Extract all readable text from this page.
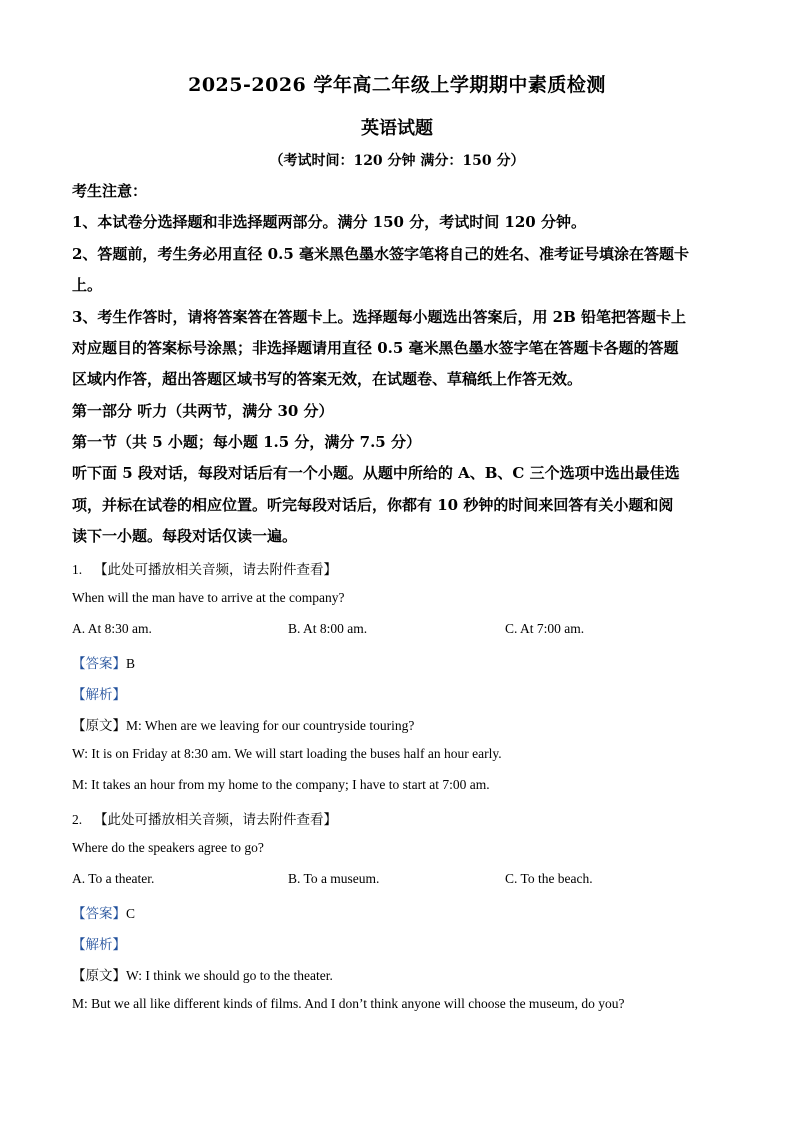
2025-2026 学年高二年级上学期期中素质检测
英语试题
（考试时间：120 分钟 满分：150 分）
考生注意：
1、本试卷分选择题和非选择题两部分。满分 150 分，考试时间 120 分钟。
2、答题前，考生务必用直径 0.5 毫米黑色墨水签字笔将自己的姓名、准考证号填涂在答题卡
上。
3、考生作答时，请将答案答在答题卡上。选择题每小题选出答案后，用 2B 铅笔把答题卡上
对应题目的答案标号涂黑；非选择题请用直径 0.5 毫米黑色墨水签字笔在答题卡各题的答题
区域内作答，超出答题区域书写的答案无效，在试题卷、草稿纸上作答无效。
第一部分 听力（共两节，满分 30 分）
第一节（共 5 小题；每小题 1.5 分，满分 7.5 分）
听下面 5 段对话，每段对话后有一个小题。从题中所给的 A、B、C 三个选项中选出最佳选
项，并标在试卷的相应位置。听完每段对话后，你都有 10 秒钟的时间来回答有关小题和阅
读下一小题。每段对话仅读一遍。
1. 【此处可播放相关音频，请去附件查看】
When will the man have to arrive at the company?
A. At 8:30 am.	B. At 8:00 am.	C. At 7:00 am.
【答案】B
【解析】
【原文】M: When are we leaving for our countryside touring?
W: It is on Friday at 8:30 am. We will start loading the buses half an hour early.
M: It takes an hour from my home to the company; I have to start at 7:00 am.
2. 【此处可播放相关音频，请去附件查看】
Where do the speakers agree to go?
A. To a theater.	B. To a museum.	C. To the beach.
【答案】C
【解析】
【原文】W: I think we should go to the theater.
M: But we all like different kinds of films. And I don’t think anyone will choose the museum, do you?
